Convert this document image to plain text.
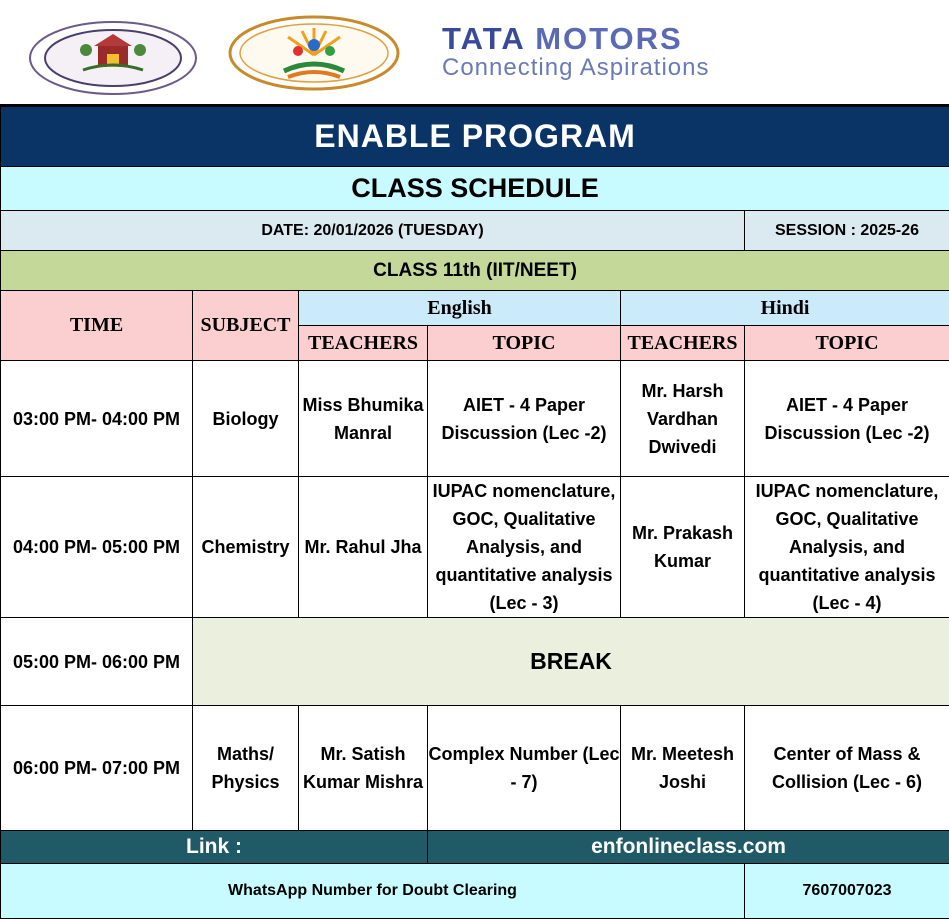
TATA MOTORS
Connecting Aspirations
ENABLE PROGRAM					
CLASS SCHEDULE					
DATE: 20/01/2026 (TUESDAY)					SESSION : 2025-26
CLASS 11th (IIT/NEET)					
TIME	SUBJECT	English		Hindi	
		TEACHERS	TOPIC	TEACHERS	TOPIC
03:00 PM- 04:00 PM	Biology	Miss Bhumika Manral	AIET - 4 Paper Discussion (Lec -2)	Mr. Harsh Vardhan Dwivedi	AIET - 4 Paper Discussion (Lec -2)
04:00 PM- 05:00 PM	Chemistry	Mr. Rahul Jha	IUPAC nomenclature, GOC, Qualitative Analysis, and quantitative analysis (Lec - 3)	Mr. Prakash Kumar	IUPAC nomenclature, GOC, Qualitative Analysis, and quantitative analysis (Lec - 4)
05:00 PM- 06:00 PM	BREAK				
06:00 PM- 07:00 PM	Maths/ Physics	Mr. Satish Kumar Mishra	Complex Number (Lec - 7)	Mr. Meetesh Joshi	Center of Mass & Collision (Lec - 6)
Link :			enfonlineclass.com		
WhatsApp Number for Doubt Clearing					7607007023
